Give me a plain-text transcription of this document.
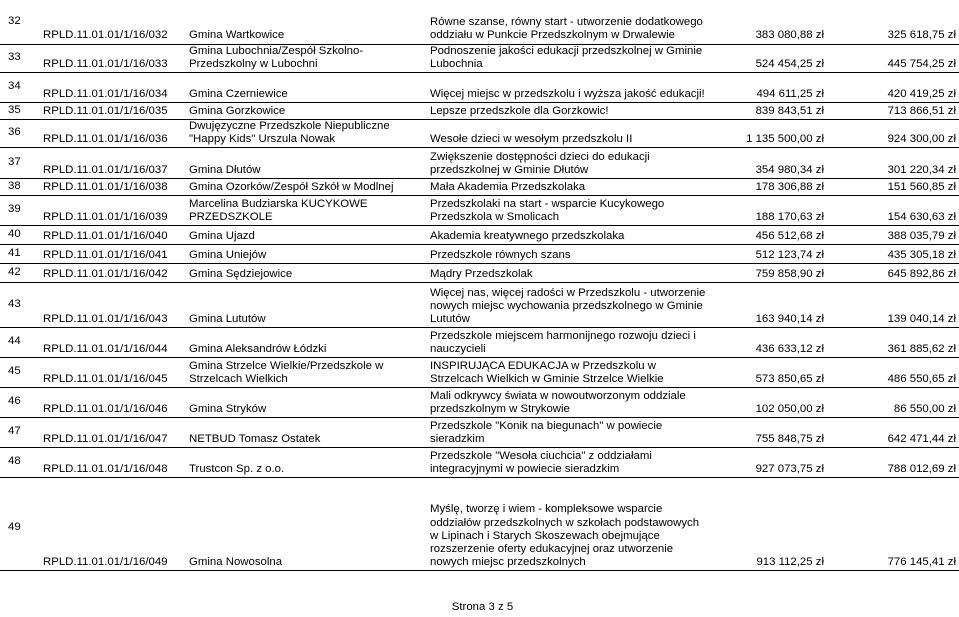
32	RPLD.11.01.01/1/16/032	Gmina Wartkowice	Równe szanse, równy start - utworzenie dodatkowego oddziału w Punkcie Przedszkolnym w Drwalewie	383 080,88 zł	325 618,75 zł
33	RPLD.11.01.01/1/16/033	Gmina Lubochnia/Zespół Szkolno-Przedszkolny w Lubochni	Podnoszenie jakości edukacji przedszkolnej w Gminie Lubochnia	524 454,25 zł	445 754,25 zł
34	RPLD.11.01.01/1/16/034	Gmina Czerniewice	Więcej miejsc w przedszkolu i wyższa jakość edukacji!	494 611,25 zł	420 419,25 zł
35	RPLD.11.01.01/1/16/035	Gmina Gorzkowice	Lepsze przedszkole dla Gorzkowic!	839 843,51 zł	713 866,51 zł
36	RPLD.11.01.01/1/16/036	Dwujęzyczne Przedszkole Niepubliczne "Happy Kids" Urszula Nowak	Wesołe dzieci w wesołym przedszkolu II	1 135 500,00 zł	924 300,00 zł
37	RPLD.11.01.01/1/16/037	Gmina Dłutów	Zwiększenie dostępności dzieci do edukacji przedszkolnej w Gminie Dłutów	354 980,34 zł	301 220,34 zł
38	RPLD.11.01.01/1/16/038	Gmina Ozorków/Zespół Szkół w Modlnej	Mała Akademia Przedszkolaka	178 306,88 zł	151 560,85 zł
39	RPLD.11.01.01/1/16/039	Marcelina Budziarska KUCYKOWE PRZEDSZKOLE	Przedszkolaki na start - wsparcie Kucykowego Przedszkola w Smolicach	188 170,63 zł	154 630,63 zł
40	RPLD.11.01.01/1/16/040	Gmina Ujazd	Akademia kreatywnego przedszkolaka	456 512,68 zł	388 035,79 zł
41	RPLD.11.01.01/1/16/041	Gmina Uniejów	Przedszkole równych szans	512 123,74 zł	435 305,18 zł
42	RPLD.11.01.01/1/16/042	Gmina Sędziejowice	Mądry Przedszkolak	759 858,90 zł	645 892,86 zł
43	RPLD.11.01.01/1/16/043	Gmina Lututów	Więcej nas, więcej radości w Przedszkolu - utworzenie nowych miejsc wychowania przedszkolnego w Gminie Lututów	163 940,14 zł	139 040,14 zł
44	RPLD.11.01.01/1/16/044	Gmina Aleksandrów Łódzki	Przedszkole miejscem harmonijnego rozwoju dzieci i nauczycieli	436 633,12 zł	361 885,62 zł
45	RPLD.11.01.01/1/16/045	Gmina Strzelce Wielkie/Przedszkole w Strzelcach Wielkich	INSPIRUJĄCA EDUKACJA w Przedszkolu w Strzelcach Wielkich w Gminie Strzelce Wielkie	573 850,65 zł	486 550,65 zł
46	RPLD.11.01.01/1/16/046	Gmina Stryków	Mali odkrywcy świata w nowoutworzonym oddziale przedszkolnym w Strykowie	102 050,00 zł	86 550,00 zł
47	RPLD.11.01.01/1/16/047	NETBUD Tomasz Ostatek	Przedszkole "Konik na biegunach" w powiecie sieradzkim	755 848,75 zł	642 471,44 zł
48	RPLD.11.01.01/1/16/048	Trustcon Sp. z o.o.	Przedszkole "Wesoła ciuchcia" z oddziałami integracyjnymi w powiecie sieradzkim	927 073,75 zł	788 012,69 zł

49	RPLD.11.01.01/1/16/049	Gmina Nowosolna	Myślę, tworzę i wiem - kompleksowe wsparcie oddziałów przedszkolnych w szkołach podstawowych w Lipinach i Starych Skoszewach obejmujące rozszerzenie oferty edukacyjnej oraz utworzenie nowych miejsc przedszkolnych	913 112,25 zł	776 145,41 zł
Strona 3 z 5
